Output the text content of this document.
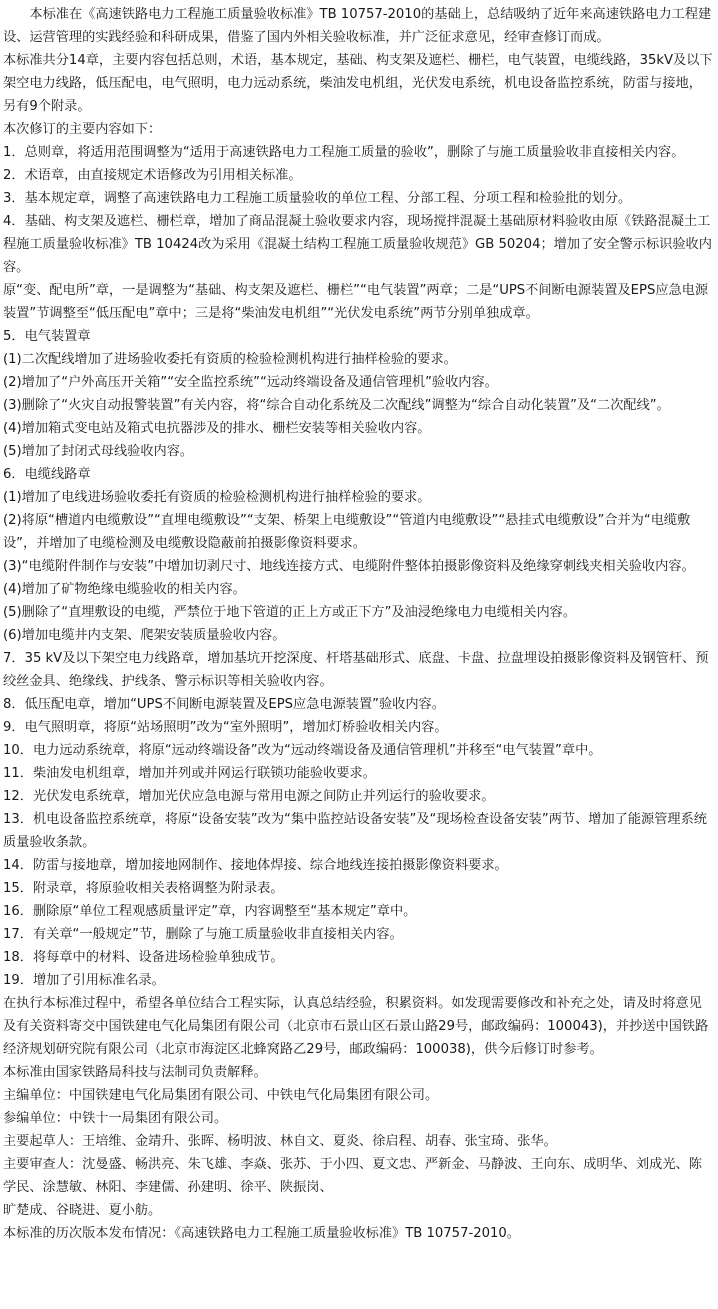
本标准在《高速铁路电力工程施工质量验收标准》TB 10757-2010的基础上，总结吸纳了近年来高速铁路电力工程建设、运营管理的实践经验和科研成果，借鉴了国内外相关验收标准，并广泛征求意见，经审查修订而成。

本标准共分14章，主要内容包括总则，术语，基本规定，基础、构支架及遮栏、栅栏，电气装置，电缆线路，35kV及以下架空电力线路，低压配电，电气照明，电力远动系统，柴油发电机组，光伏发电系统，机电设备监控系统，防雷与接地，另有9个附录。

本次修订的主要内容如下：

1．总则章，将适用范围调整为“适用于高速铁路电力工程施工质量的验收”，删除了与施工质量验收非直接相关内容。

2．术语章，由直接规定术语修改为引用相关标准。

3．基本规定章，调整了高速铁路电力工程施工质量验收的单位工程、分部工程、分项工程和检验批的划分。

4．基础、构支架及遮栏、栅栏章，增加了商品混凝土验收要求内容，现场搅拌混凝土基础原材料验收由原《铁路混凝土工程施工质量验收标准》TB 10424改为采用《混凝土结构工程施工质量验收规范》GB 50204；增加了安全警示标识验收内容。

原“变、配电所”章，一是调整为“基础、构支架及遮栏、栅栏”“电气装置”两章；二是“UPS不间断电源装置及EPS应急电源装置”节调整至“低压配电”章中；三是将“柴油发电机组”“光伏发电系统”两节分别单独成章。

5．电气装置章

(1)二次配线增加了进场验收委托有资质的检验检测机构进行抽样检验的要求。

(2)增加了“户外高压开关箱”“安全监控系统”“远动终端设备及通信管理机”验收内容。

(3)删除了“火灾自动报警装置”有关内容，将“综合自动化系统及二次配线”调整为“综合自动化装置”及“二次配线”。

(4)增加箱式变电站及箱式电抗器涉及的排水、栅栏安装等相关验收内容。

(5)增加了封闭式母线验收内容。

6．电缆线路章

(1)增加了电线进场验收委托有资质的检验检测机构进行抽样检验的要求。

(2)将原“槽道内电缆敷设”“直埋电缆敷设”“支架、桥架上电缆敷设”“管道内电缆敷设”“悬挂式电缆敷设”合并为“电缆敷设”，并增加了电缆检测及电缆敷设隐蔽前拍摄影像资料要求。

(3)“电缆附件制作与安装”中增加切剥尺寸、地线连接方式、电缆附件整体拍摄影像资料及绝缘穿刺线夹相关验收内容。

(4)增加了矿物绝缘电缆验收的相关内容。

(5)删除了“直埋敷设的电缆，严禁位于地下管道的正上方或正下方”及油浸绝缘电力电缆相关内容。

(6)增加电缆井内支架、爬架安装质量验收内容。

7．35 kV及以下架空电力线路章，增加基坑开挖深度、杆塔基础形式、底盘、卡盘、拉盘埋设拍摄影像资料及钢管杆、预绞丝金具、绝缘线、护线条、警示标识等相关验收内容。

8．低压配电章，增加“UPS不间断电源装置及EPS应急电源装置”验收内容。

9．电气照明章，将原“站场照明”改为“室外照明”，增加灯桥验收相关内容。

10．电力远动系统章，将原“远动终端设备”改为“远动终端设备及通信管理机”并移至“电气装置”章中。

11．柴油发电机组章，增加并列或并网运行联锁功能验收要求。

12．光伏发电系统章，增加光伏应急电源与常用电源之间防止并列运行的验收要求。

13．机电设备监控系统章，将原“设备安装”改为“集中监控站设备安装”及“现场检查设备安装”两节、增加了能源管理系统质量验收条款。

14．防雷与接地章，增加接地网制作、接地体焊接、综合地线连接拍摄影像资料要求。

15．附录章，将原验收相关表格调整为附录表。

16．删除原“单位工程观感质量评定”章，内容调整至“基本规定”章中。

17．有关章“一般规定”节，删除了与施工质量验收非直接相关内容。

18．将每章中的材料、设备进场检验单独成节。

19．增加了引用标准名录。

在执行本标准过程中，希望各单位结合工程实际，认真总结经验，积累资料。如发现需要修改和补充之处，请及时将意见及有关资料寄交中国铁建电气化局集团有限公司（北京市石景山区石景山路29号，邮政编码：100043)，并抄送中国铁路经济规划研究院有限公司（北京市海淀区北蜂窝路乙29号，邮政编码：100038)，供今后修订时参考。

本标准由国家铁路局科技与法制司负责解释。

主编单位：中国铁建电气化局集团有限公司、中铁电气化局集团有限公司。

参编单位：中铁十一局集团有限公司。

主要起草人：王培维、金靖升、张晖、杨明波、林自文、夏炎、徐启程、胡春、张宝琦、张华。

主要审查人：沈曼盛、畅洪亮、朱飞雄、李焱、张苏、于小四、夏文忠、严新金、马静波、王向东、成明华、刘成光、陈学民、涂慧敏、林阳、李建儒、孙建明、徐平、陕振岗、

旷楚成、谷晓进、夏小舫。

本标准的历次版本发布情况：《高速铁路电力工程施工质量验收标准》TB 10757-2010。
